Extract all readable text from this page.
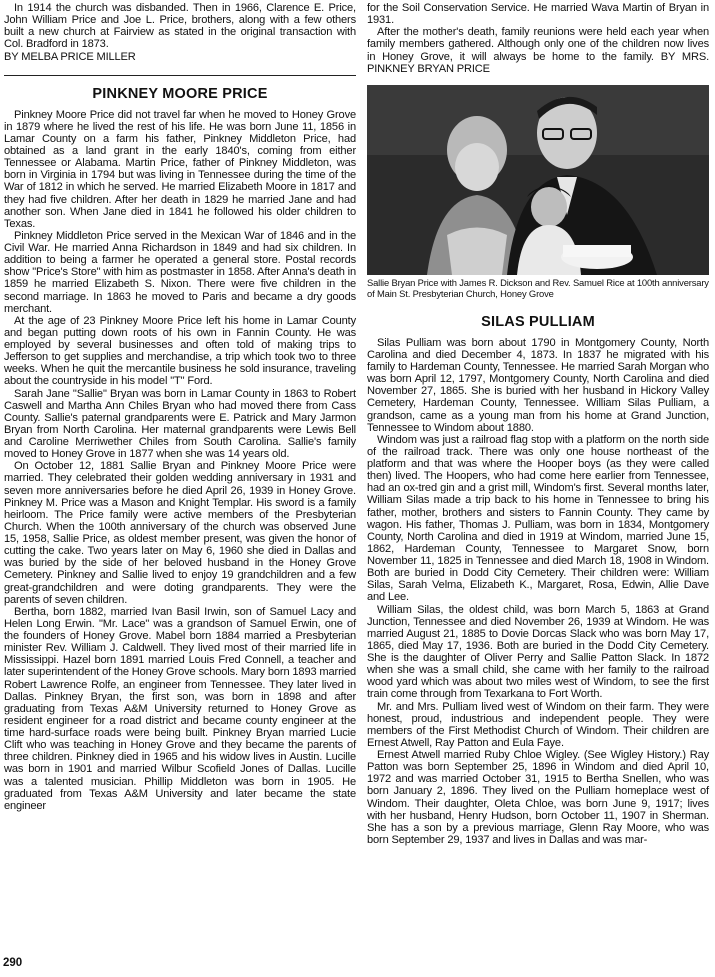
In 1914 the church was disbanded. Then in 1966, Clarence E. Price, John William Price and Joe L. Price, brothers, along with a few others built a new church at Fairview as stated in the original transaction with Col. Bradford in 1873.

BY MELBA PRICE MILLER

PINKNEY MOORE PRICE

Pinkney Moore Price did not travel far when he moved to Honey Grove in 1879 where he lived the rest of his life. He was born June 11, 1856 in Lamar County on a farm his father, Pinkney Middleton Price, had obtained as a land grant in the early 1840's, coming from either Tennessee or Alabama. Martin Price, father of Pinkney Middleton, was born in Virginia in 1794 but was living in Tennessee during the time of the War of 1812 in which he served. He married Elizabeth Moore in 1817 and they had five children. After her death in 1829 he married Jane and had another son. When Jane died in 1841 he followed his older children to Texas.

Pinkney Middleton Price served in the Mexican War of 1846 and in the Civil War. He married Anna Richardson in 1849 and had six children. In addition to being a farmer he operated a general store. Postal records show "Price's Store" with him as postmaster in 1858. After Anna's death in 1859 he married Elizabeth S. Nixon. There were five children in the second marriage. In 1863 he moved to Paris and became a dry goods merchant.

At the age of 23 Pinkney Moore Price left his home in Lamar County and began putting down roots of his own in Fannin County. He was employed by several businesses and often told of making trips to Jefferson to get supplies and merchandise, a trip which took two to three weeks. When he quit the mercantile business he sold insurance, traveling about the countryside in his model "T" Ford.

Sarah Jane "Sallie" Bryan was born in Lamar County in 1863 to Robert Caswell and Martha Ann Chiles Bryan who had moved there from Cass County. Sallie's paternal grandparents were E. Patrick and Mary Jarmon Bryan from North Carolina. Her maternal grandparents were Lewis Bell and Caroline Merriwether Chiles from South Carolina. Sallie's family moved to Honey Grove in 1877 when she was 14 years old.

On October 12, 1881 Sallie Bryan and Pinkney Moore Price were married. They celebrated their golden wedding anniversary in 1931 and seven more anniversaries before he died April 26, 1939 in Honey Grove. Pinkney M. Price was a Mason and Knight Templar. His sword is a family heirloom. The Price family were active members of the Presbyterian Church. When the 100th anniversary of the church was observed June 15, 1958, Sallie Price, as oldest member present, was given the honor of cutting the cake. Two years later on May 6, 1960 she died in Dallas and was buried by the side of her beloved husband in the Honey Grove Cemetery. Pinkney and Sallie lived to enjoy 19 grandchildren and a few great-grandchildren and were doting grandparents. They were the parents of seven children.

Bertha, born 1882, married Ivan Basil Irwin, son of Samuel Lacy and Helen Long Erwin. "Mr. Lace" was a grandson of Samuel Erwin, one of the founders of Honey Grove. Mabel born 1884 married a Presbyterian minister Rev. William J. Caldwell. They lived most of their married life in Mississippi. Hazel born 1891 married Louis Fred Connell, a teacher and later superintendent of the Honey Grove schools. Mary born 1893 married Robert Lawrence Rolfe, an engineer from Tennessee. They later lived in Dallas. Pinkney Bryan, the first son, was born in 1898 and after graduating from Texas A&M University returned to Honey Grove as resident engineer for a road district and became county engineer at the time hard-surface roads were being built. Pinkney Bryan married Lucie Clift who was teaching in Honey Grove and they became the parents of three children. Pinkney died in 1965 and his widow lives in Austin. Lucille was born in 1901 and married Wilbur Scofield Jones of Dallas. Lucille was a talented musician. Phillip Middleton was born in 1905. He graduated from Texas A&M University and later became the state engineer

for the Soil Conservation Service. He married Wava Martin of Bryan in 1931.

After the mother's death, family reunions were held each year when family members gathered. Although only one of the children now lives in Honey Grove, it will always be home to the family. BY MRS. PINKNEY BRYAN PRICE

Sallie Bryan Price with James R. Dickson and Rev. Samuel Rice at 100th anniversary of Main St. Presbyterian Church, Honey Grove

SILAS PULLIAM

Silas Pulliam was born about 1790 in Montgomery County, North Carolina and died December 4, 1873. In 1837 he migrated with his family to Hardeman County, Tennessee. He married Sarah Morgan who was born April 12, 1797, Montgomery County, North Carolina and died November 27, 1865. She is buried with her husband in Hickory Valley Cemetery, Hardeman County, Tennessee. William Silas Pulliam, a grandson, came as a young man from his home at Grand Junction, Tennessee to Windom about 1880.

Windom was just a railroad flag stop with a platform on the north side of the railroad track. There was only one house northeast of the platform and that was where the Hooper boys (as they were called then) lived. The Hoopers, who had come here earlier from Tennessee, had an ox-tred gin and a grist mill, Windom's first. Several months later, William Silas made a trip back to his home in Tennessee to bring his father, mother, brothers and sisters to Fannin County. They came by wagon. His father, Thomas J. Pulliam, was born in 1834, Montgomery County, North Carolina and died in 1919 at Windom, married June 15, 1862, Hardeman County, Tennessee to Margaret Snow, born November 11, 1825 in Tennessee and died March 18, 1908 in Windom. Both are buried in Dodd City Cemetery. Their children were: William Silas, Sarah Velma, Elizabeth K., Margaret, Rosa, Edwin, Allie Dave and Lee.

William Silas, the oldest child, was born March 5, 1863 at Grand Junction, Tennessee and died November 26, 1939 at Windom. He was married August 21, 1885 to Dovie Dorcas Slack who was born May 17, 1865, died May 17, 1936. Both are buried in the Dodd City Cemetery. She is the daughter of Oliver Perry and Sallie Patton Slack. In 1872 when she was a small child, she came with her family to the railroad wood yard which was about two miles west of Windom, to see the first train come through from Texarkana to Fort Worth.

Mr. and Mrs. Pulliam lived west of Windom on their farm. They were honest, proud, industrious and independent people. They were members of the First Methodist Church of Windom. Their children are Ernest Atwell, Ray Patton and Eula Faye.

Ernest Atwell married Ruby Chloe Wigley. (See Wigley History.) Ray Patton was born September 25, 1896 in Windom and died April 10, 1972 and was married October 31, 1915 to Bertha Snellen, who was born January 2, 1896. They lived on the Pulliam homeplace west of Windom. Their daughter, Oleta Chloe, was born June 9, 1917; lives with her husband, Henry Hudson, born October 11, 1907 in Sherman. She has a son by a previous marriage, Glenn Ray Moore, who was born September 29, 1937 and lives in Dallas and was mar-

290
